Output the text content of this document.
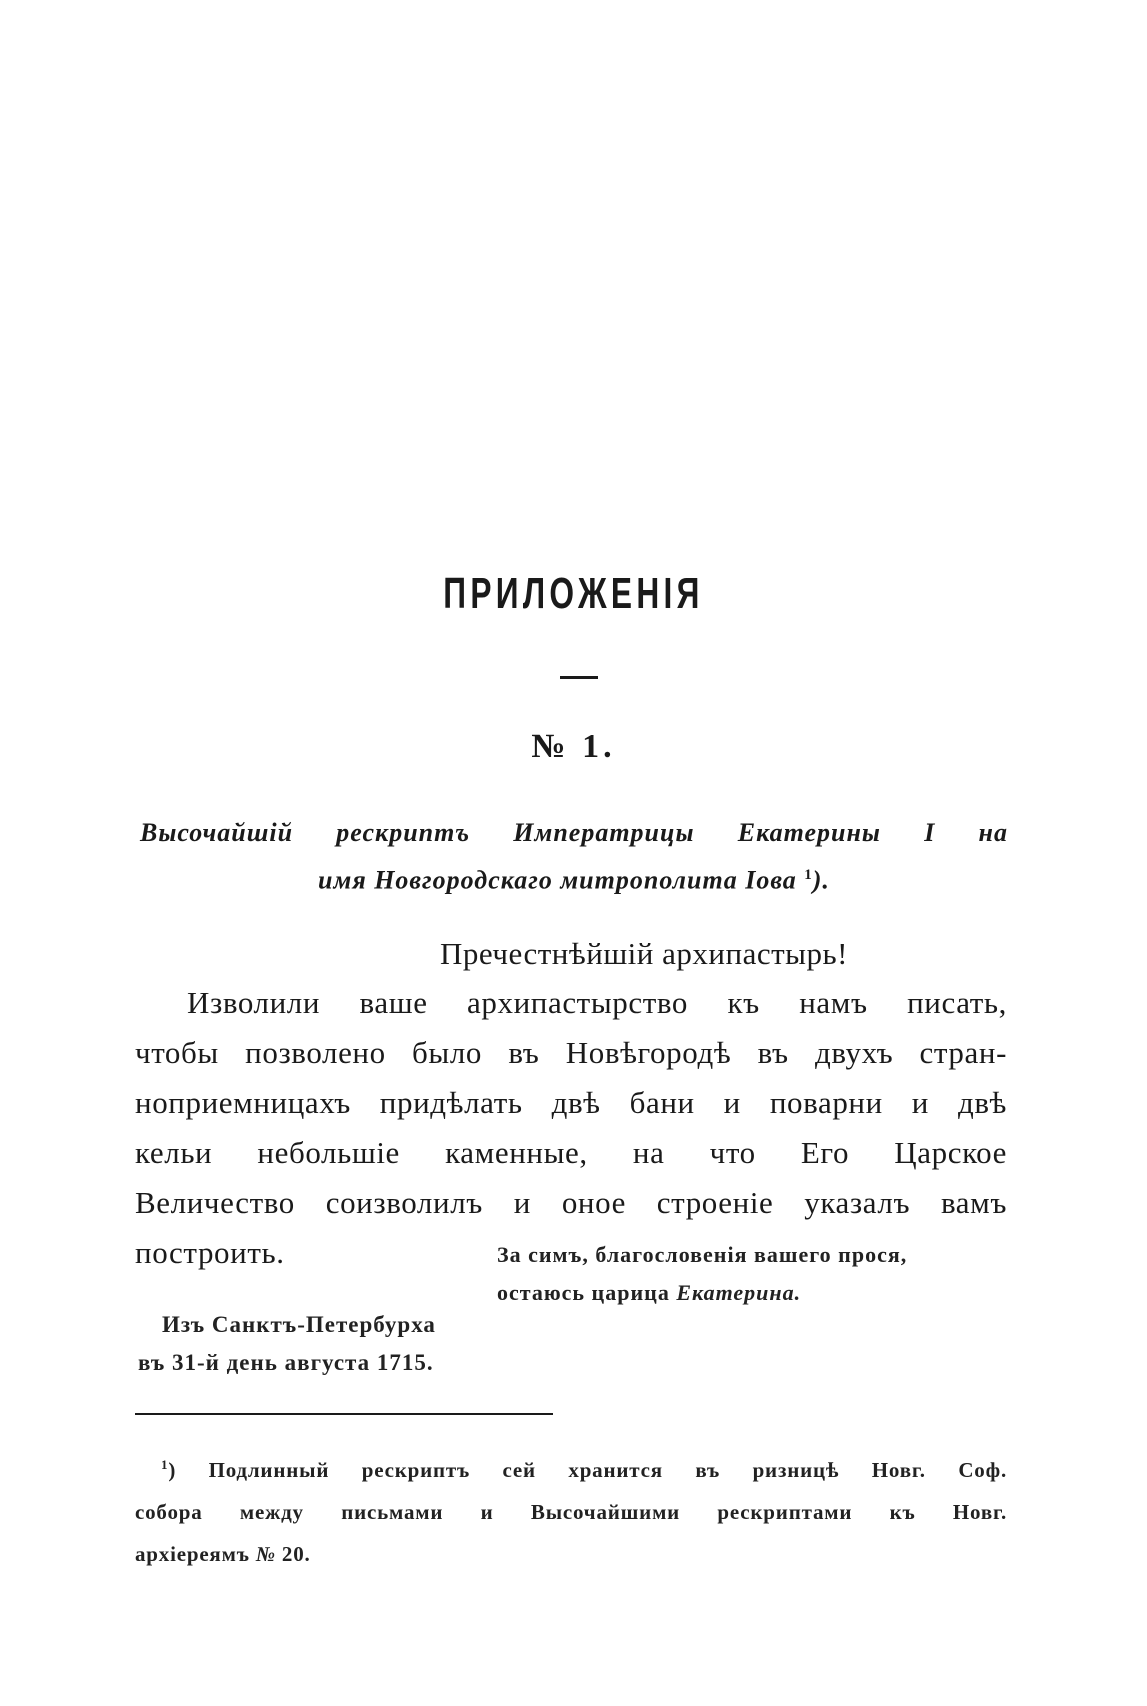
ПРИЛОЖЕНІЯ
№ 1.
Высочайшій рескриптъ Императрицы Екатерины I на
имя Новгородскаго митрополита Іова $^1$).
Пречестнѣйшій архипастырь!
Изволили ваше архипастырство къ намъ писать,
чтобы позволено было въ Новѣгородѣ въ двухъ стран-
ноприемницахъ придѣлать двѣ бани и поварни и двѣ
кельи небольшіе каменные, на что Его Царское
Величество соизволилъ и оное строеніе указалъ вамъ
построить.	За симъ, благословенія вашего прося,
остаюсь царица Екатерина.
Изъ Санктъ-Петербурха
въ 31-й день августа 1715.
$^1$) Подлинный рескриптъ сей хранится въ ризницѣ Новг. Соф.
собора между письмами и Высочайшими рескриптами къ Новг.
архіереямъ № 20.
